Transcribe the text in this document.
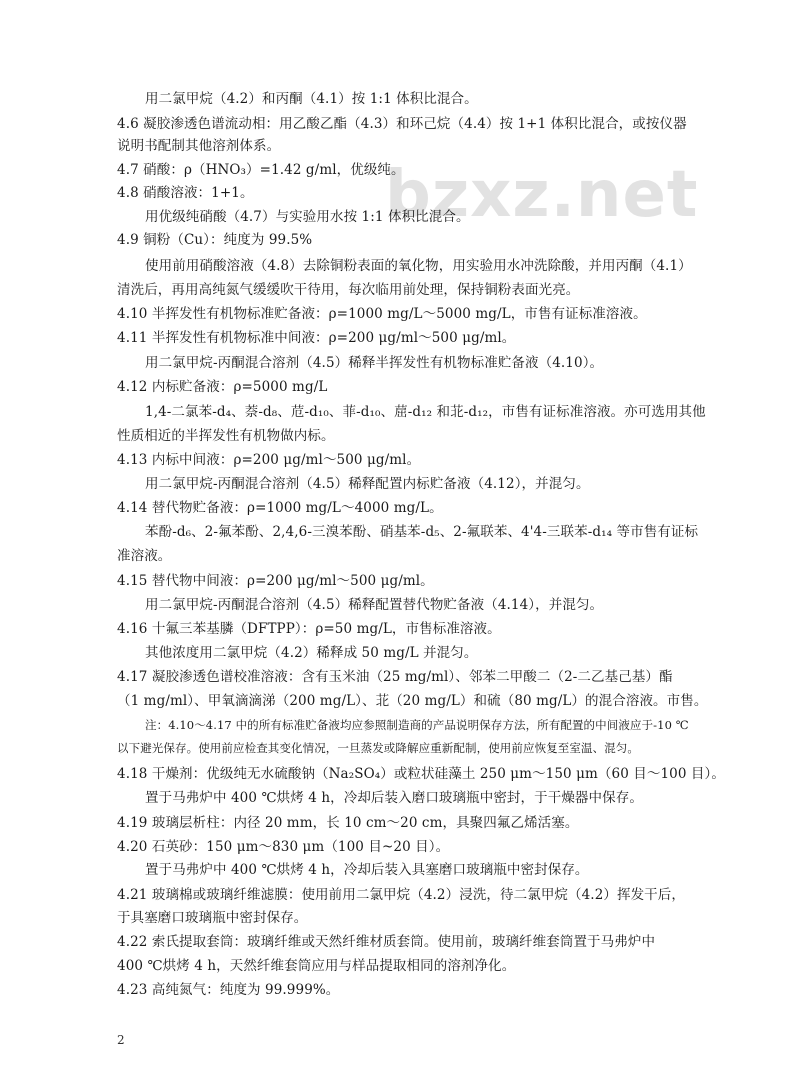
bzxz.net
用二氯甲烷（4.2）和丙酮（4.1）按 1:1 体积比混合。
4.6 凝胶渗透色谱流动相：用乙酸乙酯（4.3）和环己烷（4.4）按 1+1 体积比混合，或按仪器
说明书配制其他溶剂体系。
4.7 硝酸：ρ（HNO₃）=1.42 g/ml，优级纯。
4.8 硝酸溶液：1+1。
用优级纯硝酸（4.7）与实验用水按 1:1 体积比混合。
4.9 铜粉（Cu）：纯度为 99.5%
使用前用硝酸溶液（4.8）去除铜粉表面的氧化物，用实验用水冲洗除酸，并用丙酮（4.1）
清洗后，再用高纯氮气缓缓吹干待用，每次临用前处理，保持铜粉表面光亮。
4.10 半挥发性有机物标准贮备液：ρ=1000 mg/L～5000 mg/L，市售有证标准溶液。
4.11 半挥发性有机物标准中间液：ρ=200 μg/ml～500 μg/ml。
用二氯甲烷-丙酮混合溶剂（4.5）稀释半挥发性有机物标准贮备液（4.10）。
4.12 内标贮备液：ρ=5000 mg/L
1,4-二氯苯-d₄、萘-d₈、苊-d₁₀、菲-d₁₀、䓛-d₁₂ 和苝-d₁₂，市售有证标准溶液。亦可选用其他
性质相近的半挥发性有机物做内标。
4.13 内标中间液：ρ=200 μg/ml～500 μg/ml。
用二氯甲烷-丙酮混合溶剂（4.5）稀释配置内标贮备液（4.12），并混匀。
4.14 替代物贮备液：ρ=1000 mg/L～4000 mg/L。
苯酚-d₆、2-氟苯酚、2,4,6-三溴苯酚、硝基苯-d₅、2-氟联苯、4'4-三联苯-d₁₄ 等市售有证标
准溶液。
4.15 替代物中间液：ρ=200 μg/ml～500 μg/ml。
用二氯甲烷-丙酮混合溶剂（4.5）稀释配置替代物贮备液（4.14），并混匀。
4.16 十氟三苯基膦（DFTPP）：ρ=50 mg/L，市售标准溶液。
其他浓度用二氯甲烷（4.2）稀释成 50 mg/L 并混匀。
4.17 凝胶渗透色谱校准溶液：含有玉米油（25 mg/ml）、邻苯二甲酸二（2-二乙基己基）酯
（1 mg/ml）、甲氧滴滴涕（200 mg/L）、苝（20 mg/L）和硫（80 mg/L）的混合溶液。市售。
注：4.10～4.17 中的所有标准贮备液均应参照制造商的产品说明保存方法，所有配置的中间液应于-10 ℃
以下避光保存。使用前应检查其变化情况，一旦蒸发或降解应重新配制，使用前应恢复至室温、混匀。
4.18 干燥剂：优级纯无水硫酸钠（Na₂SO₄）或粒状硅藻土 250 μm～150 μm（60 目～100 目）。
置于马弗炉中 400 ℃烘烤 4 h，冷却后装入磨口玻璃瓶中密封，于干燥器中保存。
4.19 玻璃层析柱：内径 20 mm，长 10 cm～20 cm，具聚四氟乙烯活塞。
4.20 石英砂：150 μm～830 μm（100 目~20 目）。
置于马弗炉中 400 ℃烘烤 4 h，冷却后装入具塞磨口玻璃瓶中密封保存。
4.21 玻璃棉或玻璃纤维滤膜：使用前用二氯甲烷（4.2）浸洗，待二氯甲烷（4.2）挥发干后，
于具塞磨口玻璃瓶中密封保存。
4.22 索氏提取套筒：玻璃纤维或天然纤维材质套筒。使用前，玻璃纤维套筒置于马弗炉中
400 ℃烘烤 4 h，天然纤维套筒应用与样品提取相同的溶剂净化。
4.23 高纯氮气：纯度为 99.999%。
2
